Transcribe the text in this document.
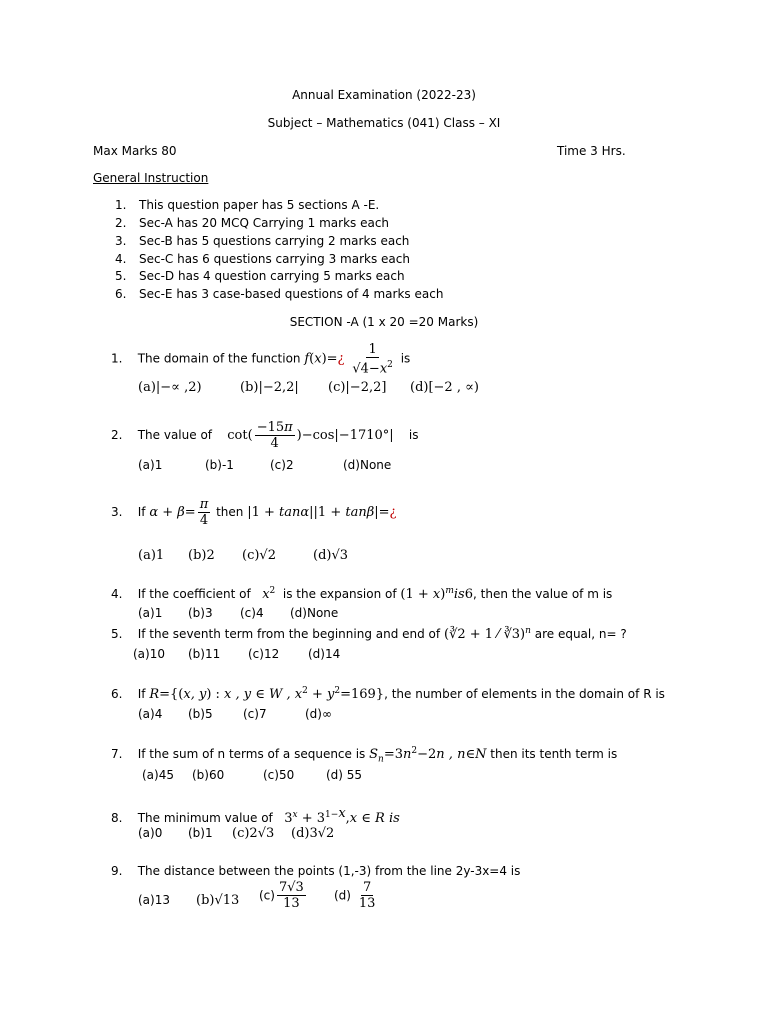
Annual Examination (2022-23)
Subject – Mathematics (041) Class – XI
Max Marks 80	Time 3 Hrs.
General Instruction
1. This question paper has 5 sections A -E.
2. Sec-A has 20 MCQ Carrying 1 marks each
3. Sec-B has 5 questions carrying 2 marks each
4. Sec-C has 6 questions carrying 3 marks each
5. Sec-D has 4 question carrying 5 marks each
6. Sec-E has 3 case-based questions of 4 marks each
SECTION -A (1 x 20 =20 Marks)
1. The domain of the function f(x)=¿ $\frac{1}{√4-x^2}$ is
(a)|−∝ ,2)	(b)|−2,2| (c)|−2,2] (d)[−2 , ∝)
2. The value of $\cot( \frac{-15\pi}{4} )-\cos|-1710^\circ|$ is
(a)1	(b)-1	(c)2	(d)None
3. If $\alpha + \beta= \frac{\pi}{4}$ then |1 + tanα||1 + tanβ|=¿
(a)1 (b)2 (c)√2	(d)√3
4. If the coefficient of $x^2$ is the expansion of $(1 + x)^mis6$, then the value of m is
(a)1 (b)3 (c)4 (d)None
5. If the seventh term from the beginning and end of (∛2 + 1 ⁄ ∛3)$^n$ are equal, n= ?
(a)10 (b)11 (c)12 (d)14
6. If R={(x, y) : x , y ∈ W , $x^2 + y^2=169$}, the number of elements in the domain of R is
(a)4 (b)5	(c)7	(d)∞
7. If the sum of n terms of a sequence is $S_n=3n^2-2n$ , n∈N then its tenth term is
(a)45 (b)60	(c)50	(d) 55
8. The minimum value of $3^x + 3^{1-x},x$ ∈ R is
(a)0 (b)1 (c)2√3 (d)3√2
9. The distance between the points (1,-3) from the line 2y-3x=4 is
(a)13 (b)√13 $(c) \frac{7√3}{13} (d) \frac{7}{13}$
